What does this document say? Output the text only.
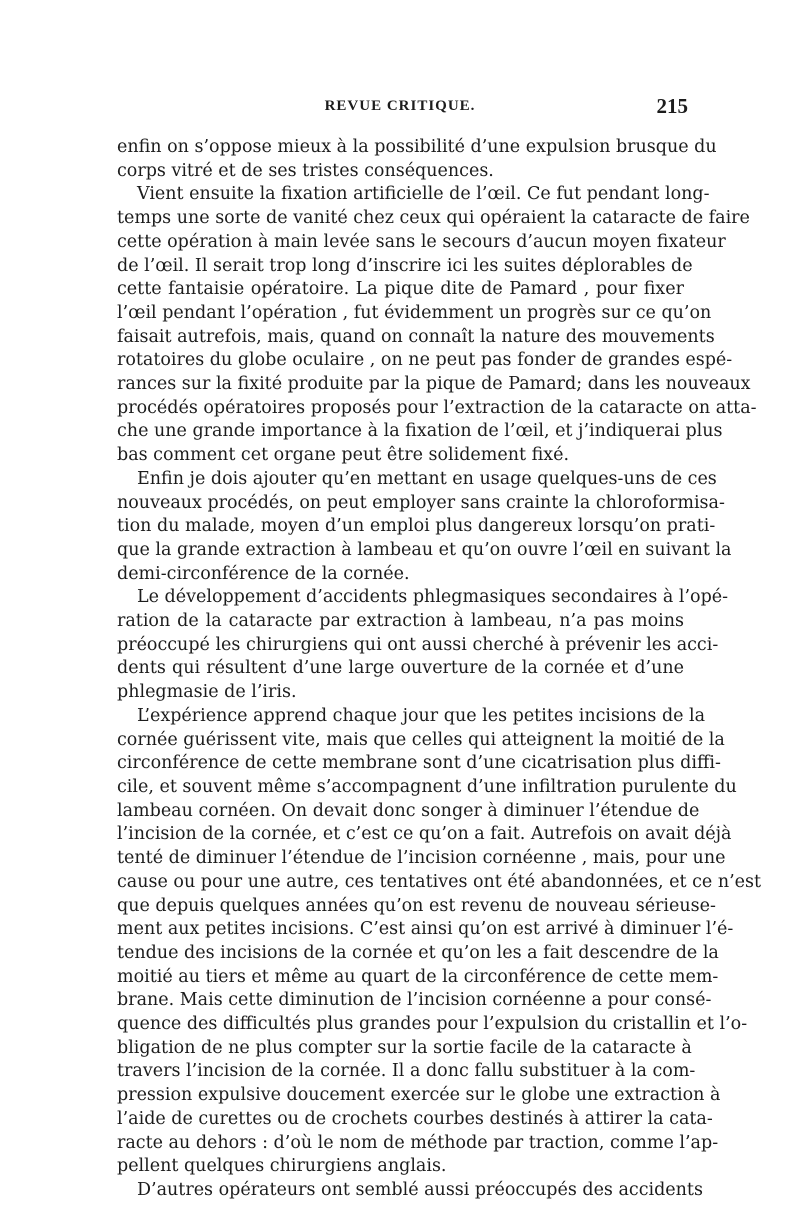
REVUE CRITIQUE.	215
enfin on s’oppose mieux à la possibilité d’une expulsion brusque du
corps vitré et de ses tristes conséquences.
Vient ensuite la fixation artificielle de l’œil. Ce fut pendant long-
temps une sorte de vanité chez ceux qui opéraient la cataracte de faire
cette opération à main levée sans le secours d’aucun moyen fixateur
de l’œil. Il serait trop long d’inscrire ici les suites déplorables de
cette fantaisie opératoire. La pique dite de Pamard , pour fixer
l’œil pendant l’opération , fut évidemment un progrès sur ce qu’on
faisait autrefois, mais, quand on connaît la nature des mouvements
rotatoires du globe oculaire , on ne peut pas fonder de grandes espé-
rances sur la fixité produite par la pique de Pamard; dans les nouveaux
procédés opératoires proposés pour l’extraction de la cataracte on atta-
che une grande importance à la fixation de l’œil, et j’indiquerai plus
bas comment cet organe peut être solidement fixé.
Enfin je dois ajouter qu’en mettant en usage quelques-uns de ces
nouveaux procédés, on peut employer sans crainte la chloroformisa-
tion du malade, moyen d’un emploi plus dangereux lorsqu’on prati-
que la grande extraction à lambeau et qu’on ouvre l’œil en suivant la
demi-circonférence de la cornée.
Le développement d’accidents phlegmasiques secondaires à l’opé-
ration de la cataracte par extraction à lambeau, n’a pas moins
préoccupé les chirurgiens qui ont aussi cherché à prévenir les acci-
dents qui résultent d’une large ouverture de la cornée et d’une
phlegmasie de l’iris.
L’expérience apprend chaque jour que les petites incisions de la
cornée guérissent vite, mais que celles qui atteignent la moitié de la
circonférence de cette membrane sont d’une cicatrisation plus diffi-
cile, et souvent même s’accompagnent d’une infiltration purulente du
lambeau cornéen. On devait donc songer à diminuer l’étendue de
l’incision de la cornée, et c’est ce qu’on a fait. Autrefois on avait déjà
tenté de diminuer l’étendue de l’incision cornéenne , mais, pour une
cause ou pour une autre, ces tentatives ont été abandonnées, et ce n’est
que depuis quelques années qu’on est revenu de nouveau sérieuse-
ment aux petites incisions. C’est ainsi qu’on est arrivé à diminuer l’é-
tendue des incisions de la cornée et qu’on les a fait descendre de la
moitié au tiers et même au quart de la circonférence de cette mem-
brane. Mais cette diminution de l’incision cornéenne a pour consé-
quence des difficultés plus grandes pour l’expulsion du cristallin et l’o-
bligation de ne plus compter sur la sortie facile de la cataracte à
travers l’incision de la cornée. Il a donc fallu substituer à la com-
pression expulsive doucement exercée sur le globe une extraction à
l’aide de curettes ou de crochets courbes destinés à attirer la cata-
racte au dehors : d’où le nom de méthode par traction, comme l’ap-
pellent quelques chirurgiens anglais.
D’autres opérateurs ont semblé aussi préoccupés des accidents
